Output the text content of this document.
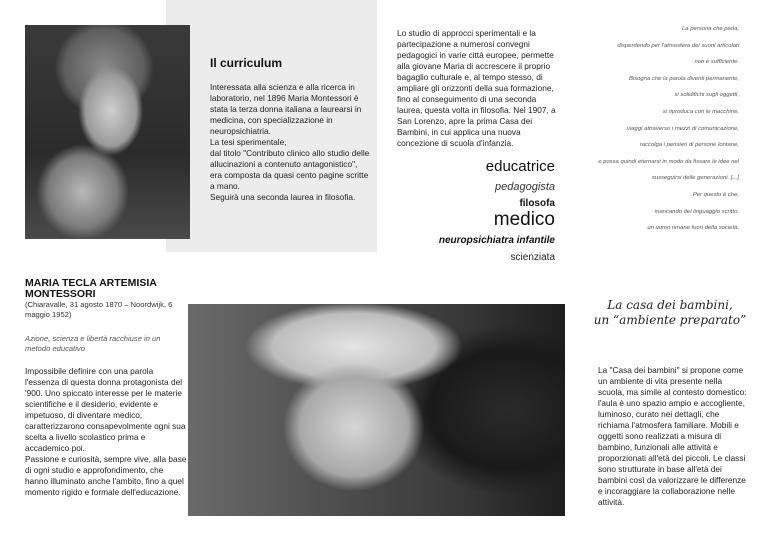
Il curriculum

Interessata alla scienza e alla ricerca in laboratorio, nel 1896 Maria Montessori è stata la terza donna italiana a laurearsi in medicina, con specializzazione in neuropsichiatria.

La tesi sperimentale,

dal titolo "Contributo clinico allo studio delle allucinazioni a contenuto antagonistico", era composta da quasi cento pagine scritte a mano.

Seguirà una seconda laurea in filosofia.

Lo studio di approcci sperimentali e la partecipazione a numerosi convegni pedagogici in varie città europee, permette alla giovane Maria di accrescere il proprio bagaglio culturale e, al tempo stesso, di ampliare gli orizzonti della sua formazione, fino al conseguimento di una seconda laurea, questa volta in filosofia. Nel 1907, a San Lorenzo, apre la prima Casa dei Bambini, in cui applica una nuova concezione di scuola d'infanzia.
educatrice
pedagogista
filosofa
medico
neuropsichiatra infantile
scienziata
La persona che parla,
disperdendo per l'atmosfera dei suoni articolati
non è sufficiente.
Bisogna che la parola diventi permanente,
si solidifichi sugli oggetti,
si riproduca con le macchine,
viaggi attraverso i mezzi di comunicazione,
raccolga i pensieri di persone lontane,
e possa quindi eternarsi in modo da fissare le idee nel
susseguirsi delle generazioni. [...]
Per questo è che,
mancando del linguaggio scritto,
un uomo rimane fuori della società.
MARIA TECLA ARTEMISIA MONTESSORI
(Chiaravalle, 31 agosto 1870 – Noordwijk, 6 maggio 1952)
Azione, scienza e libertà racchiuse in un metodo educativo

Impossibile definire con una parola l'essenza di questa donna protagonista del '900. Uno spiccato interesse per le materie scientifiche e il desiderio, evidente e impetuoso, di diventare medico, caratterizzarono consapevolmente ogni sua scelta a livello scolastico prima e accademico poi.

Passione e curiosità, sempre vive, alla base di ogni studio e approfondimento, che hanno illuminato anche l'ambito, fino a quel momento rigido e formale dell'educazione.

La casa dei bambini,
un “ambiente preparato”
La "Casa dei bambini" si propone come un ambiente di vita presente nella scuola, ma simile al contesto domestico: l'aula è uno spazio ampio e accogliente, luminoso, curato nei dettagli, che richiama l'atmosfera familiare. Mobili e oggetti sono realizzati a misura di bambino, funzionali alle attività e proporzionati all'età dei piccoli. Le classi sono strutturate in base all'età dei bambini così da valorizzare le differenze e incoraggiare la collaborazione nelle attività.
